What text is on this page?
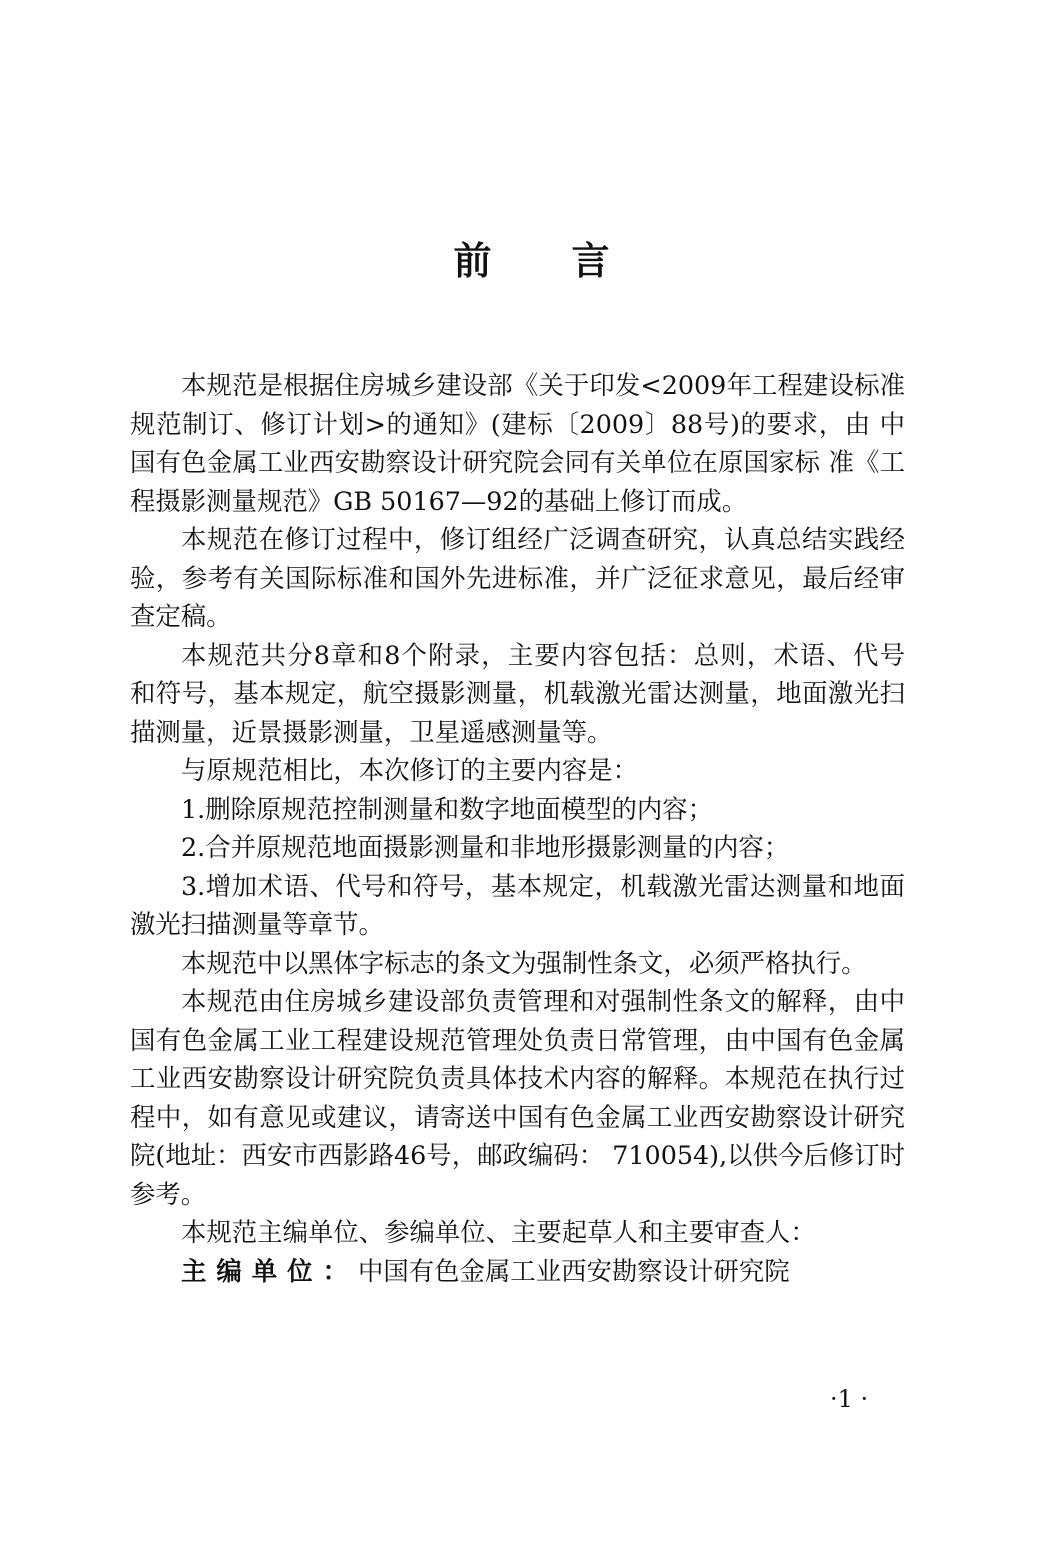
前言

本规范是根据住房城乡建设部《关于印发<2009年工程建设标准规范制订、修订计划>的通知》(建标〔2009〕88号)的要求，由 中国有色金属工业西安勘察设计研究院会同有关单位在原国家标 准《工程摄影测量规范》GB 50167—92的基础上修订而成。

本规范在修订过程中，修订组经广泛调查研究，认真总结实践经验，参考有关国际标准和国外先进标准，并广泛征求意见，最后经审查定稿。

本规范共分8章和8个附录，主要内容包括：总则，术语、代号 和符号，基本规定，航空摄影测量，机载激光雷达测量，地面激光扫 描测量，近景摄影测量，卫星遥感测量等。

与原规范相比，本次修订的主要内容是：

1.删除原规范控制测量和数字地面模型的内容；

2.合并原规范地面摄影测量和非地形摄影测量的内容；

3.增加术语、代号和符号，基本规定，机载激光雷达测量和地面激光扫描测量等章节。

本规范中以黑体字标志的条文为强制性条文，必须严格执行。

本规范由住房城乡建设部负责管理和对强制性条文的解释，由中国有色金属工业工程建设规范管理处负责日常管理，由中国有色金属工业西安勘察设计研究院负责具体技术内容的解释。本规范在执行过程中，如有意见或建议，请寄送中国有色金属工业西安勘察设计研究院(地址：西安市西影路46号，邮政编码： 710054),以供今后修订时参考。

本规范主编单位、参编单位、主要起草人和主要审查人：

主编单位：中国有色金属工业西安勘察设计研究院

·1 ·
